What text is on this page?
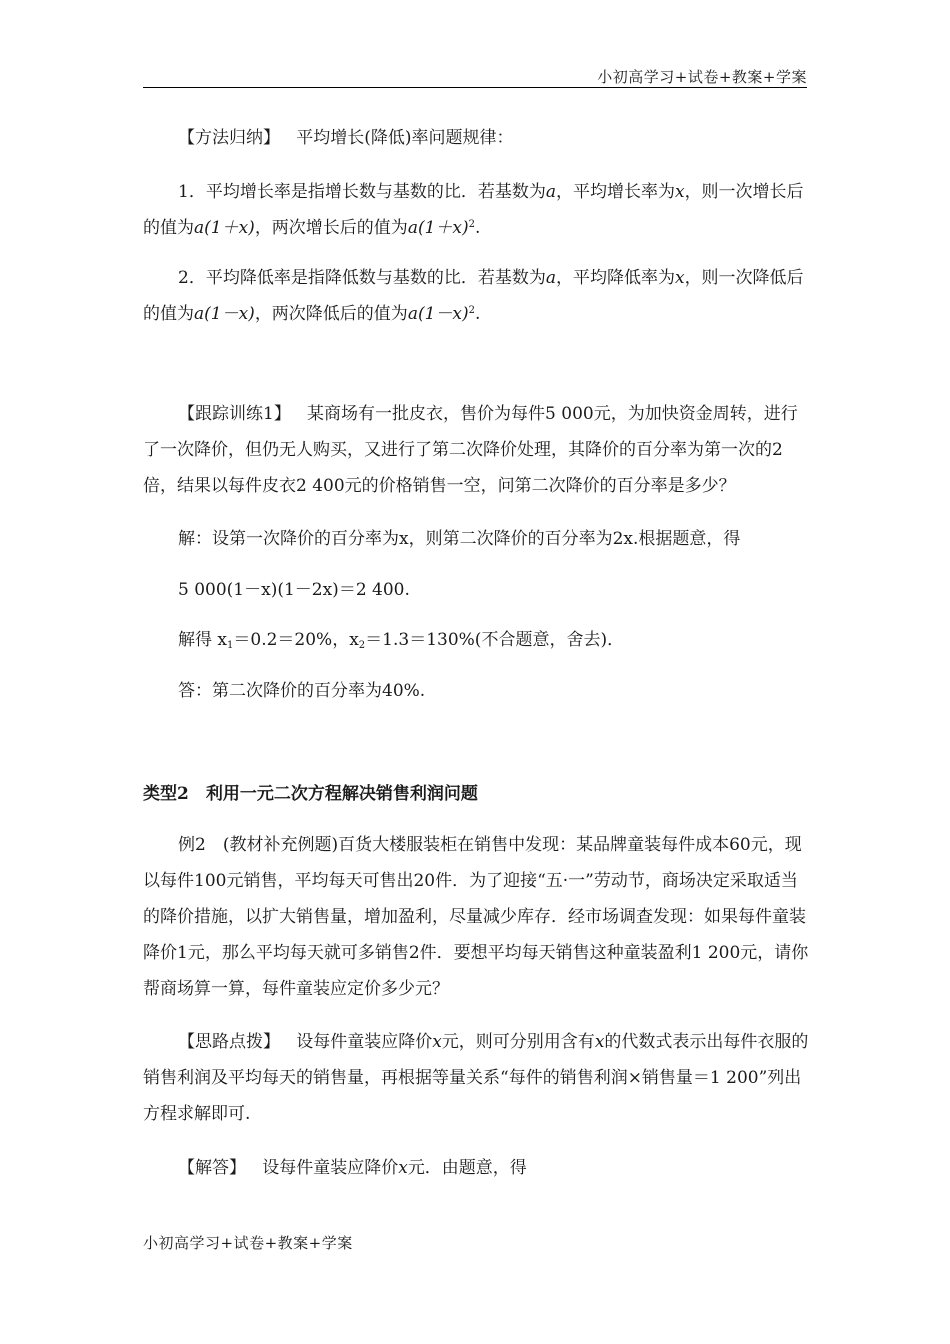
小初高学习+试卷+教案+学案
【方法归纳】 平均增长(降低)率问题规律：
1．平均增长率是指增长数与基数的比．若基数为a，平均增长率为x，则一次增长后的值为a(1＋x)，两次增长后的值为$a(1+x)^2$.
2．平均降低率是指降低数与基数的比．若基数为a，平均降低率为x，则一次降低后的值为a(1－x)，两次降低后的值为$a(1-x)^2$.
【跟踪训练1】 某商场有一批皮衣，售价为每件5 000元，为加快资金周转，进行了一次降价，但仍无人购买，又进行了第二次降价处理，其降价的百分率为第一次的2倍，结果以每件皮衣2 400元的价格销售一空，问第二次降价的百分率是多少？
解：设第一次降价的百分率为x，则第二次降价的百分率为2x.根据题意，得
5 000(1－x)(1－2x)＝2 400.
解得 $x_1=0.2=20\%$，$x_2=1.3=130\%$(不合题意，舍去)．
答：第二次降价的百分率为40%.
类型2　利用一元二次方程解决销售利润问题
例2　(教材补充例题)百货大楼服装柜在销售中发现：某品牌童装每件成本60元，现以每件100元销售，平均每天可售出20件．为了迎接“五·一”劳动节，商场决定采取适当的降价措施，以扩大销售量，增加盈利，尽量减少库存．经市场调查发现：如果每件童装降价1元，那么平均每天就可多销售2件．要想平均每天销售这种童装盈利1 200元，请你帮商场算一算，每件童装应定价多少元？
【思路点拨】 设每件童装应降价x元，则可分别用含有x的代数式表示出每件衣服的销售利润及平均每天的销售量，再根据等量关系“每件的销售利润×销售量＝1 200”列出方程求解即可.
【解答】 设每件童装应降价x元．由题意，得
小初高学习+试卷+教案+学案
